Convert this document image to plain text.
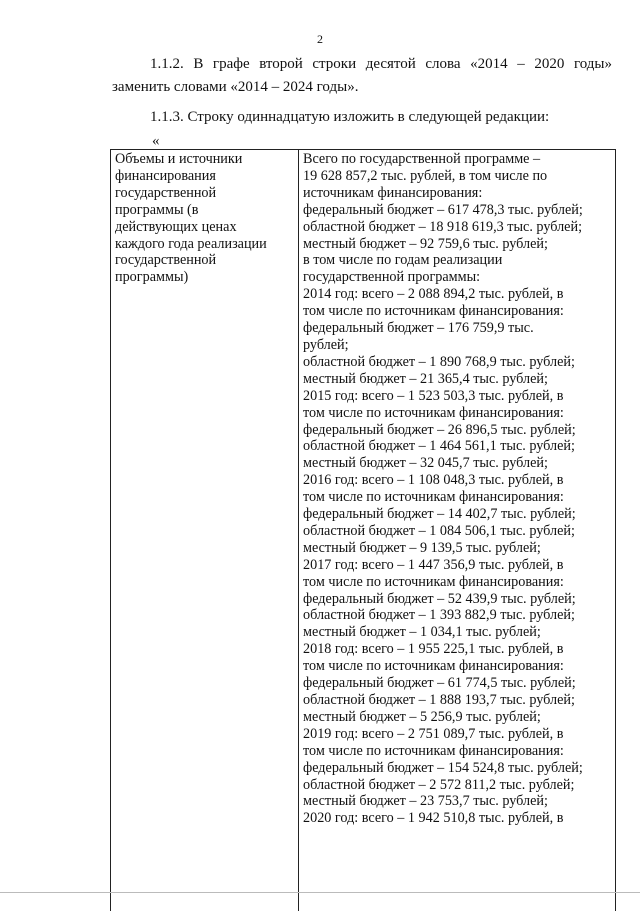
2
1.1.2. В графе второй строки десятой слова «2014 – 2020 годы» заменить словами «2014 – 2024 годы».
1.1.3. Строку одиннадцатую изложить в следующей редакции:
«
Объемы и источники
финансирования
государственной
программы (в
действующих ценах
каждого года реализации
государственной
программы)

Всего по государственной программе –
19 628 857,2 тыс. рублей, в том числе по
источникам финансирования:
федеральный бюджет – 617 478,3 тыс. рублей;
областной бюджет – 18 918 619,3 тыс. рублей;
местный бюджет – 92 759,6 тыс. рублей;
в том числе по годам реализации
государственной программы:
2014 год: всего – 2 088 894,2 тыс. рублей, в
том числе по источникам финансирования:
федеральный бюджет – 176 759,9 тыс.
рублей;
областной бюджет – 1 890 768,9 тыс. рублей;
местный бюджет – 21 365,4 тыс. рублей;
2015 год: всего – 1 523 503,3 тыс. рублей, в
том числе по источникам финансирования:
федеральный бюджет – 26 896,5 тыс. рублей;
областной бюджет – 1 464 561,1 тыс. рублей;
местный бюджет – 32 045,7 тыс. рублей;
2016 год: всего – 1 108 048,3 тыс. рублей, в
том числе по источникам финансирования:
федеральный бюджет – 14 402,7 тыс. рублей;
областной бюджет – 1 084 506,1 тыс. рублей;
местный бюджет – 9 139,5 тыс. рублей;
2017 год: всего – 1 447 356,9 тыс. рублей, в
том числе по источникам финансирования:
федеральный бюджет – 52 439,9 тыс. рублей;
областной бюджет – 1 393 882,9 тыс. рублей;
местный бюджет – 1 034,1 тыс. рублей;
2018 год: всего – 1 955 225,1 тыс. рублей, в
том числе по источникам финансирования:
федеральный бюджет – 61 774,5 тыс. рублей;
областной бюджет – 1 888 193,7 тыс. рублей;
местный бюджет – 5 256,9 тыс. рублей;
2019 год: всего – 2 751 089,7 тыс. рублей, в
том числе по источникам финансирования:
федеральный бюджет – 154 524,8 тыс. рублей;
областной бюджет – 2 572 811,2 тыс. рублей;
местный бюджет – 23 753,7 тыс. рублей;
2020 год: всего – 1 942 510,8 тыс. рублей, в
